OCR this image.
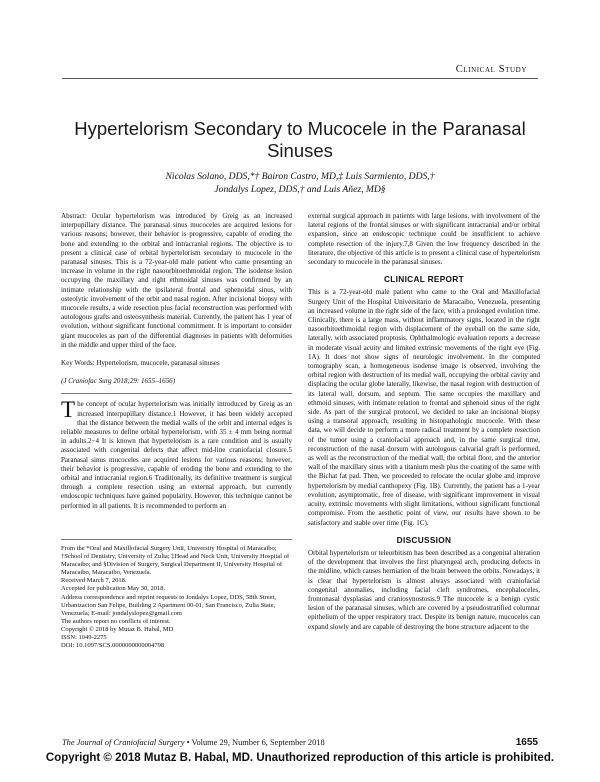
Clinical Study
Hypertelorism Secondary to Mucocele in the Paranasal Sinuses
Nicolas Solano, DDS,*† Bairon Castro, MD,‡ Luis Sarmiento, DDS,†
Jondalys Lopez, DDS,† and Luis Añez, MD§

Abstract: Ocular hypertelorism was introduced by Greig as an increased interpupillary distance. The paranasal sinus mucoceles are acquired lesions for various reasons; however, their behavior is progressive, capable of eroding the bone and extending to the orbital and intracranial regions. The objective is to present a clinical case of orbital hypertelorism secondary to mucocele in the paranasal sinuses. This is a 72-year-old male patient who came presenting an increase in volume in the right nasoorbitoethmoidal region. The isodense lesion occupying the maxillary and right ethmoidal sinuses was confirmed by an intimate relationship with the ipsilateral frontal and sphenoidal sinus, with osteolytic involvement of the orbit and nasal region. After incisional biopsy with mucocele results, a wide resection plus facial reconstruction was performed with autologous grafts and osteosynthesis material. Currently, the patient has 1 year of evolution, without significant functional commitment. It is important to consider giant mucoceles as part of the differential diagnoses in patients with deformities in the middle and upper third of the face.

Key Words: Hypertelorism, mucocele, paranasal sinuses

(J Craniofac Surg 2018;29: 1655–1656)

The concept of ocular hypertelorism was initially introduced by Greig as an increased interpupillary distance.1 However, it has been widely accepted that the distance between the medial walls of the orbit and internal edges is reliable measures to define orbital hypertelorism, with 35 ± 4 mm being normal in adults.2−4 It is known that hypertelorism is a rare condition and is usually associated with congenital defects that affect mid-line craniofacial closure.5 Paranasal sinus mucoceles are acquired lesions for various reasons; however, their behavior is progressive, capable of eroding the bone and extending to the orbital and intracranial region.6 Traditionally, its definitive treatment is surgical through a complete resection using an external approach, but currently endoscopic techniques have gained popularity. However, this technique cannot be performed in all patients. It is recommended to perform an

From the *Oral and Maxillofacial Surgery Unit, University Hospital of Maracaibo; †School of Dentistry, University of Zulia; ‡Head and Neck Unit, University Hospital of Maracaibo; and §Division of Surgery, Surgical Department II, University Hospital of Maracaibo, Maracaibo, Venezuela.
Received March 7, 2018.
Accepted for publication May 30, 2018.
Address correspondence and reprint requests to Jondalys Lopez, DDS, 58th Street, Urbanizacion San Felipe, Building 2 Apartment 00-01, San Francisco, Zulia State, Venezuela; E-mail: jondalyslopez@gmail.com
The authors report no conflicts of interest.
Copyright © 2018 by Mutaz B. Habal, MD
ISSN: 1049-2275
DOI: 10.1097/SCS.0000000000004798

external surgical approach in patients with large lesions, with involvement of the lateral regions of the frontal sinuses or with significant intracranial and/or orbital expansion, since an endoscopic technique could be insufficient to achieve complete resection of the injury.7,8 Given the low frequency described in the literature, the objective of this article is to present a clinical case of hypertelorism secondary to mucocele in the paranasal sinuses.

CLINICAL REPORT

This is a 72-year-old male patient who came to the Oral and Maxillofacial Surgery Unit of the Hospital Universitario de Maracaibo, Venezuela, presenting an increased volume in the right side of the face, with a prolonged evolution time. Clinically, there is a large mass, without inflammatory signs, located in the right nasoorbitoethmoidal region with displacement of the eyeball on the same side, laterally, with associated proptosis. Ophthalmologic evaluation reports a decrease in moderate visual acuity and limited extrinsic movements of the right eye (Fig. 1A). It does not show signs of neurologic involvement. In the computed tomography scan, a homogeneous isodense image is observed, involving the orbital region with destruction of its medial wall, occupying the orbital cavity and displacing the ocular globe laterally, likewise, the nasal region with destruction of its lateral wall, dorsum, and septum. The same occupies the maxillary and ethmoid sinuses, with intimate relation to frontal and sphenoid sinus of the right side. As part of the surgical protocol, we decided to take an incisional biopsy using a transoral approach, resulting in histopathologic mucocele. With these data, we will decide to perform a more radical treatment by a complete resection of the tumor using a craniofacial approach and, in the same surgical time, reconstruction of the nasal dorsum with autologous calvarial graft is performed, as well as the reconstruction of the medial wall, the orbital floor, and the anterior wall of the maxillary sinus with a titanium mesh plus the coating of the same with the Bichat fat pad. Then, we proceeded to relocate the ocular globe and improve hypertelorism by medial canthopexy (Fig. 1B). Currently, the patient has a 1-year evolution, asymptomatic, free of disease, with significant improvement in visual acuity, extrinsic movements with slight limitations, without significant functional compromise. From the aesthetic point of view, our results have shown to be satisfactory and stable over time (Fig. 1C).

DISCUSSION

Orbital hypertelorism or teleorbitism has been described as a congenital alteration of the development that involves the first pharyngeal arch, producing defects in the midline, which causes herniation of the brain between the orbits. Nowadays, it is clear that hypertelorism is almost always associated with craniofacial congenital anomalies, including facial cleft syndromes, encephaloceles, frontonasal dysplasias and craniosynostosis.9 The mucocele is a benign cystic lesion of the paranasal sinuses, which are covered by a pseudostratified columnar epithelium of the upper respiratory tract. Despite its benign nature, mucoceles can expand slowly and are capable of destroying the bone structure adjacent to the

The Journal of Craniofacial Surgery • Volume 29, Number 6, September 2018	1655
Copyright © 2018 Mutaz B. Habal, MD. Unauthorized reproduction of this article is prohibited.
